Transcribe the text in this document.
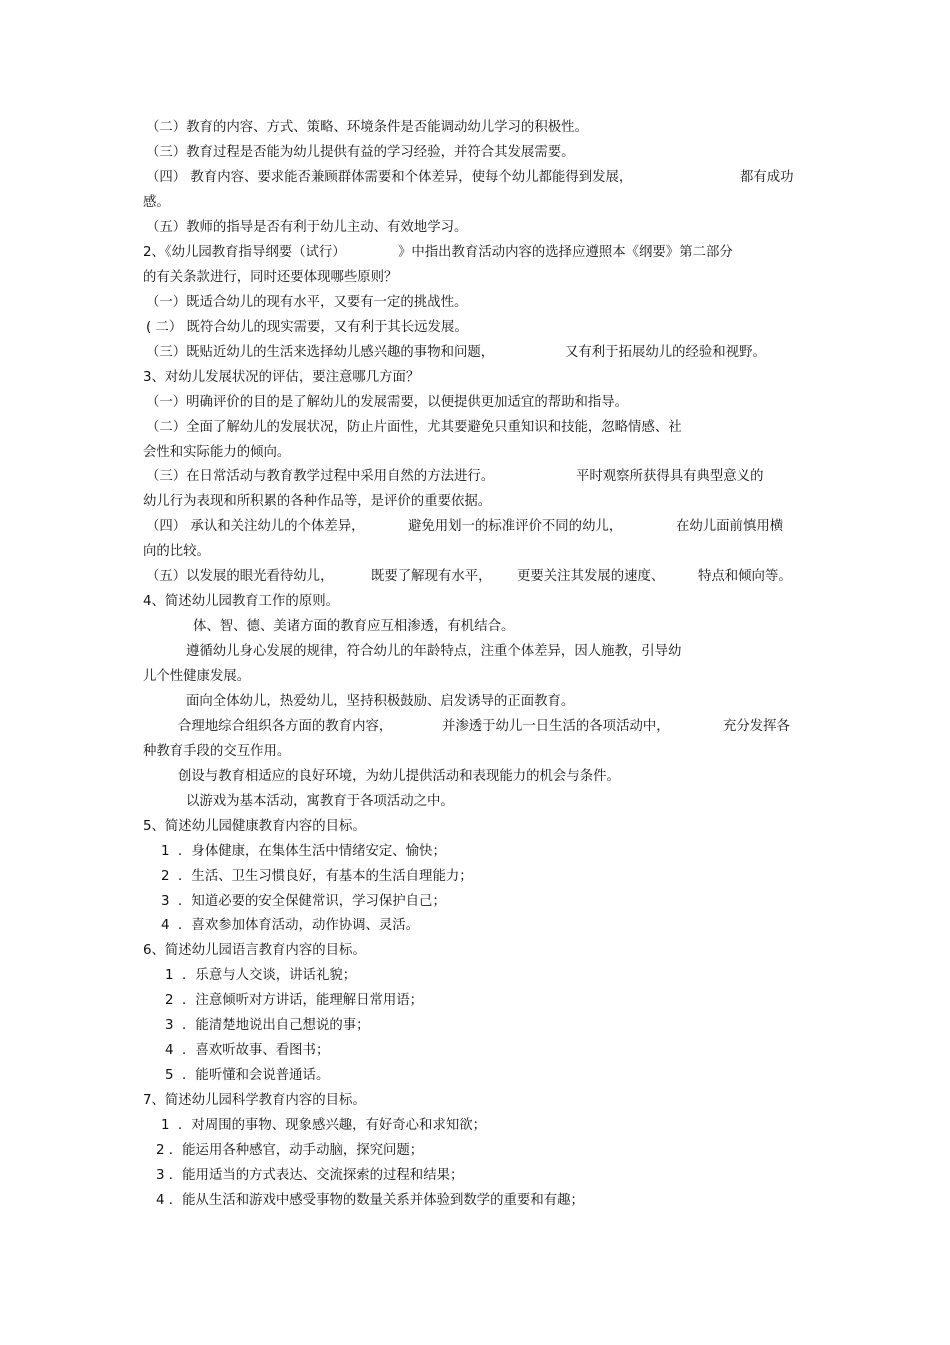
（二）教育的内容、方式、策略、环境条件是否能调动幼儿学习的积极性。

（三）教育过程是否能为幼儿提供有益的学习经验，并符合其发展需要。

（四） 教育内容、要求能否兼顾群体需要和个体差异，使每个幼儿都能得到发展，	都有成功

感。

（五）教师的指导是否有利于幼儿主动、有效地学习。

2、《幼儿园教育指导纲要（试行）	》中指出教育活动内容的选择应遵照本《纲要》第二部分

的有关条款进行，同时还要体现哪些原则？

（一）既适合幼儿的现有水平，又要有一定的挑战性。

( 二） 既符合幼儿的现实需要，又有利于其长远发展。

（三）既贴近幼儿的生活来选择幼儿感兴趣的事物和问题，	又有利于拓展幼儿的经验和视野。

3、对幼儿发展状况的评估，要注意哪几方面？

（一）明确评价的目的是了解幼儿的发展需要，以便提供更加适宜的帮助和指导。

（二）全面了解幼儿的发展状况，防止片面性，尤其要避免只重知识和技能，忽略情感、社

会性和实际能力的倾向。

（三）在日常活动与教育教学过程中采用自然的方法进行。	平时观察所获得具有典型意义的

幼儿行为表现和所积累的各种作品等，是评价的重要依据。

（四） 承认和关注幼儿的个体差异，	避免用划一的标准评价不同的幼儿，	在幼儿面前慎用横

向的比较。

（五）以发展的眼光看待幼儿，	既要了解现有水平， 更要关注其发展的速度、	特点和倾向等。

4、简述幼儿园教育工作的原则。

体、智、德、美诸方面的教育应互相渗透，有机结合。

遵循幼儿身心发展的规律，符合幼儿的年龄特点，注重个体差异，因人施教，引导幼

儿个性健康发展。

面向全体幼儿，热爱幼儿，坚持积极鼓励、启发诱导的正面教育。

合理地综合组织各方面的教育内容，	并渗透于幼儿一日生活的各项活动中，	充分发挥各

种教育手段的交互作用。

创设与教育相适应的良好环境，为幼儿提供活动和表现能力的机会与条件。

以游戏为基本活动，寓教育于各项活动之中。

5、简述幼儿园健康教育内容的目标。

1  ．身体健康，在集体生活中情绪安定、愉快；

2  ．生活、卫生习惯良好，有基本的生活自理能力；

3  ．知道必要的安全保健常识，学习保护自己；

4  ．喜欢参加体育活动，动作协调、灵活。

6、简述幼儿园语言教育内容的目标。

1  ．乐意与人交谈，讲话礼貌；

2  ．注意倾听对方讲话，能理解日常用语；

3  ．能清楚地说出自己想说的事；

4  ．喜欢听故事、看图书；

5  ．能听懂和会说普通话。

7、简述幼儿园科学教育内容的目标。

1  ．对周围的事物、现象感兴趣，有好奇心和求知欲；

2 ．能运用各种感官，动手动脑，探究问题；

3 ．能用适当的方式表达、交流探索的过程和结果；

4 ．能从生活和游戏中感受事物的数量关系并体验到数学的重要和有趣；
